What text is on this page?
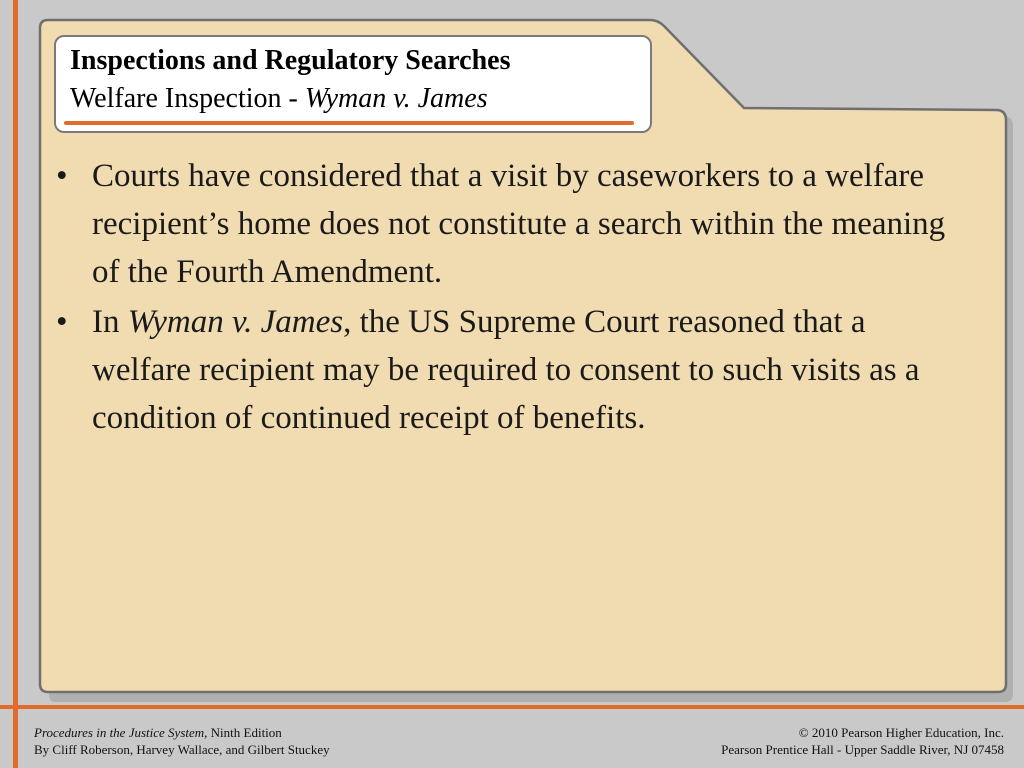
Inspections and Regulatory Searches
Welfare Inspection - Wyman v. James

• Courts have considered that a visit by caseworkers to a welfare recipient’s home does not constitute a search within the meaning of the Fourth Amendment.

• In Wyman v. James, the US Supreme Court reasoned that a welfare recipient may be required to consent to such visits as a condition of continued receipt of benefits.

Procedures in the Justice System, Ninth Edition
By Cliff Roberson, Harvey Wallace, and Gilbert Stuckey
© 2010 Pearson Higher Education, Inc.
Pearson Prentice Hall - Upper Saddle River, NJ 07458
